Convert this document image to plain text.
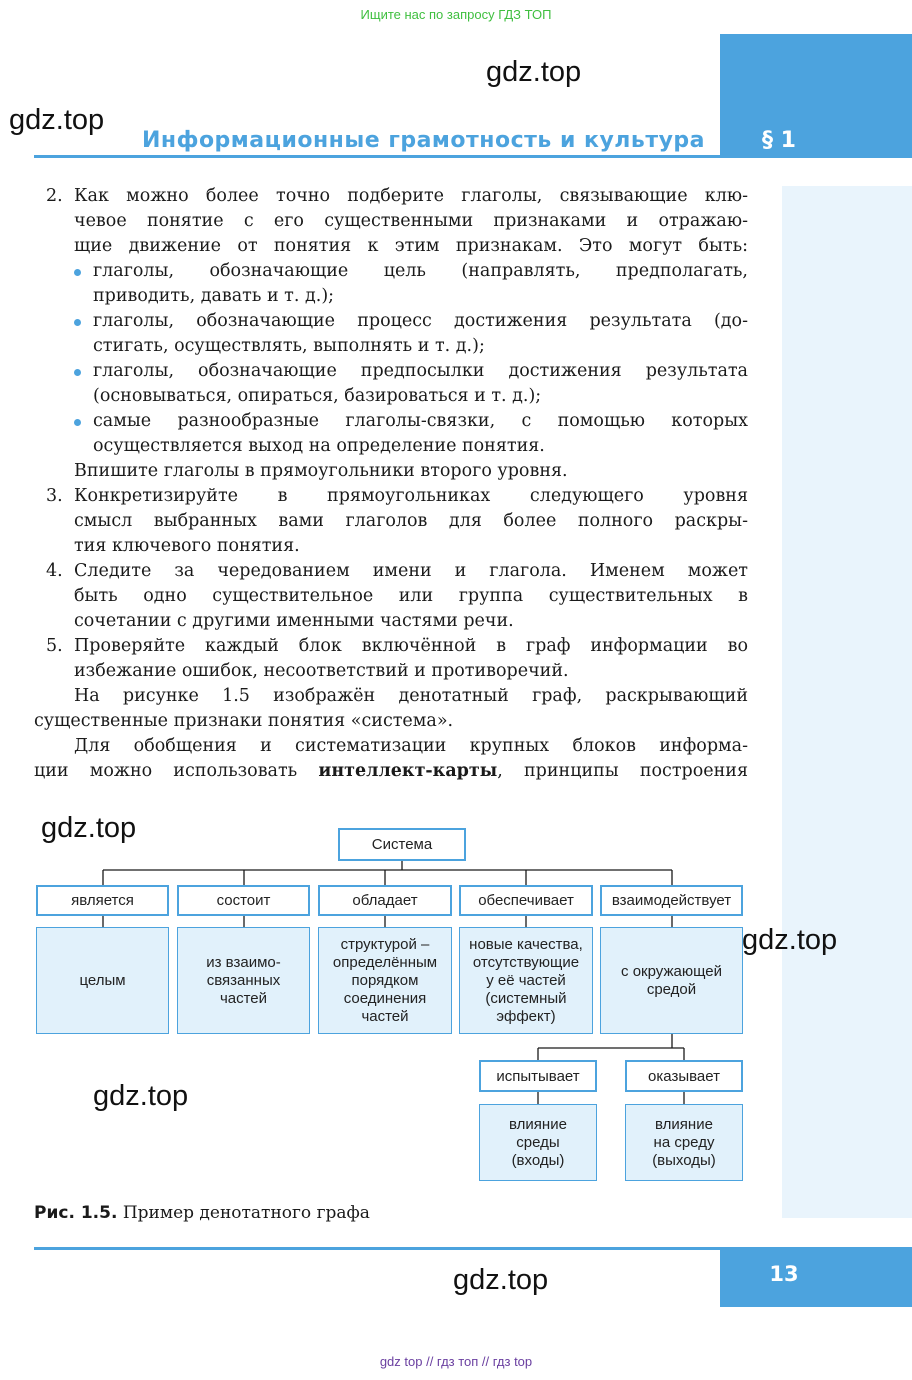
Ищите нас по запросу ГДЗ ТОП
Информационные грамотность и культура	§ 1
gdz.top
gdz.top
2. Как можно более точно подберите глаголы, связывающие клю-
чевое понятие с его существенными признаками и отражаю-
щие движение от понятия к этим признакам. Это могут быть:
глаголы, обозначающие цель (направлять, предполагать,
приводить, давать и т. д.);
глаголы, обозначающие процесс достижения результата (до-
стигать, осуществлять, выполнять и т. д.);
глаголы, обозначающие предпосылки достижения результата
(основываться, опираться, базироваться и т. д.);
самые разнообразные глаголы-связки, с помощью которых
осуществляется выход на определение понятия.
Впишите глаголы в прямоугольники второго уровня.
3. Конкретизируйте в прямоугольниках следующего уровня
смысл выбранных вами глаголов для более полного раскры-
тия ключевого понятия.
4. Следите за чередованием имени и глагола. Именем может
быть одно существительное или группа существительных в
сочетании с другими именными частями речи.
5. Проверяйте каждый блок включённой в граф информации во
избежание ошибок, несоответствий и противоречий.
На рисунке 1.5 изображён денотатный граф, раскрывающий
существенные признаки понятия «система».
Для обобщения и систематизации крупных блоков информа-
ции можно использовать интеллект-карты, принципы построения
Система
является	состоит	обладает	обеспечивает	взаимодействует
целым
из взаимо-
связанных
частей
структурой –
определённым
порядком
соединения
частей
новые качества,
отсутствующие
у её частей
(системный
эффект)
с окружающей
средой
испытывает	оказывает
влияние
среды
(входы)
влияние
на среду
(выходы)
gdz.top
gdz.top
gdz.top
Рис. 1.5. Пример денотатного графа
13
gdz.top
gdz top // гдз топ // гдз top
